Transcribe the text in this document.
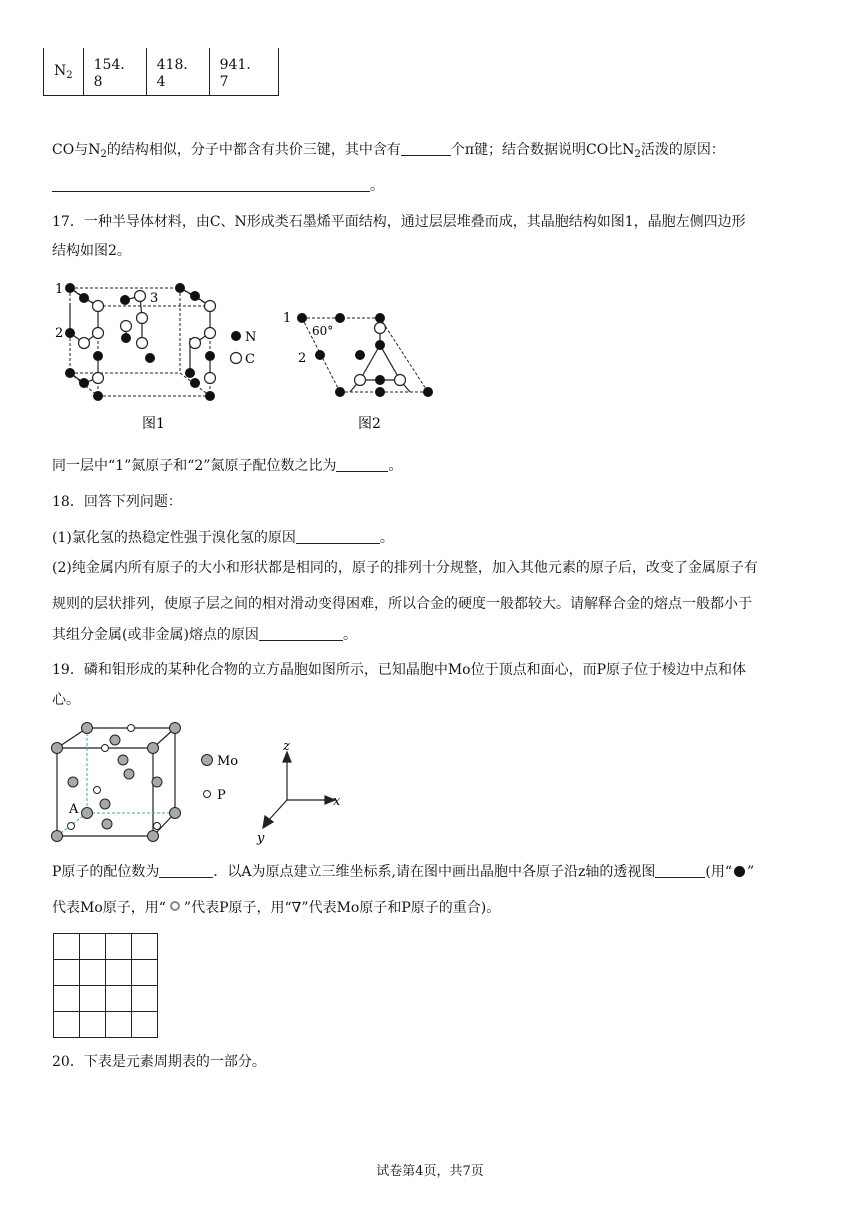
$N_2$	154．8	418．4	941．7
CO与$N_2$的结构相似，分子中都含有共价三键，其中含有	个π键；结合数据说明CO比$N_2$活泼的原因：
。
17．一种半导体材料，由C、N形成类石墨烯平面结构，通过层层堆叠而成，其晶胞结构如图1，晶胞左侧四边形
结构如图2。
1
2
3
N
C
图1
1
2
60°
图2
同一层中“1”氮原子和“2”氮原子配位数之比为	。
18．回答下列问题：
(1)氯化氢的热稳定性强于溴化氢的原因	。
(2)纯金属内所有原子的大小和形状都是相同的，原子的排列十分规整，加入其他元素的原子后，改变了金属原子有
规则的层状排列，使原子层之间的相对滑动变得困难，所以合金的硬度一般都较大。请解释合金的熔点一般都小于
其组分金属(或非金属)熔点的原因	。
19．磷和钼形成的某种化合物的立方晶胞如图所示，已知晶胞中Mo位于顶点和面心，而P原子位于棱边中点和体
心。
A
Mo
P
z
x
y
P原子的配位数为	．以A为原点建立三维坐标系,请在图中画出晶胞中各原子沿z轴的透视图	(用“ ”
代表Mo原子，用“ ”代表P原子，用“∇”代表Mo原子和P原子的重合)。

20．下表是元素周期表的一部分。
试卷第4页，共7页
